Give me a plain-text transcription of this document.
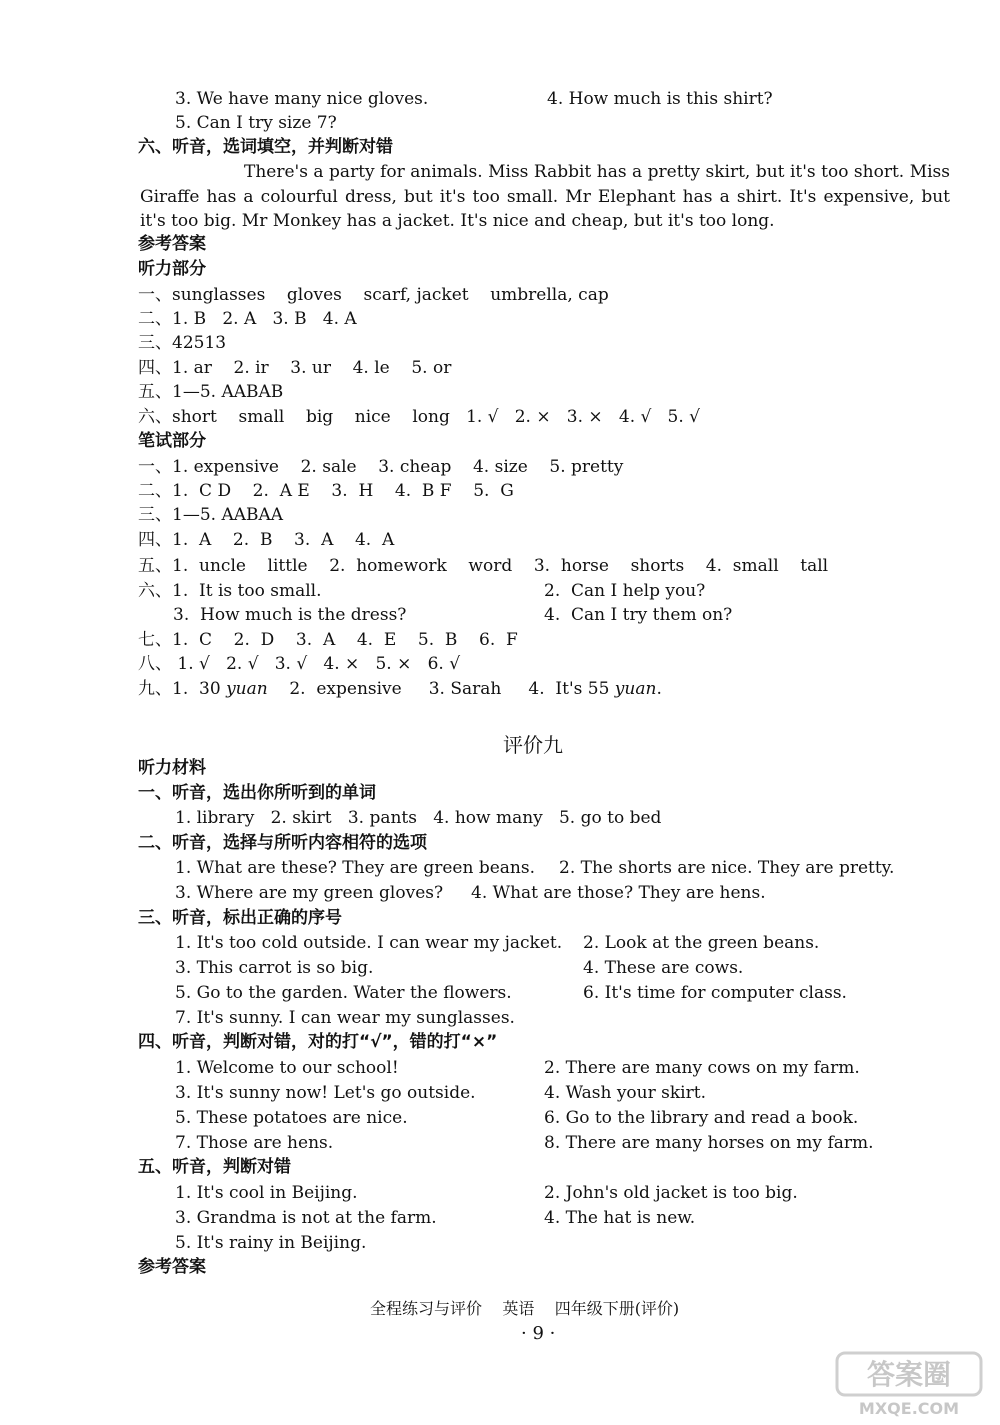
3. We have many nice gloves.	4. How much is this shirt?
5. Can I try size 7?
六、听音，选词填空，并判断对错
There's a party for animals. Miss Rabbit has a pretty skirt, but it's too short. Miss Giraffe has a colourful dress, but it's too small. Mr Elephant has a shirt. It's expensive, but it's too big. Mr Monkey has a jacket. It's nice and cheap, but it's too long.
参考答案
听力部分
一、sunglasses    gloves    scarf, jacket    umbrella, cap
二、1. B   2. A   3. B   4. A
三、42513
四、1. ar    2. ir    3. ur    4. le    5. or
五、1—5. AABAB
六、short    small    big    nice    long   1. √   2. ×   3. ×   4. √   5. √
笔试部分
一、1. expensive    2. sale    3. cheap    4. size    5. pretty
二、1.  C D    2.  A E    3.  H    4.  B F    5.  G
三、1—5. AABAA
四、1.  A    2.  B    3.  A    4.  A
五、1.  uncle    little    2.  homework    word    3.  horse    shorts    4.  small    tall
六、1.  It is too small.	2.  Can I help you?
3.  How much is the dress?	4.  Can I try them on?
七、1.  C    2.  D    3.  A    4.  E    5.  B    6.  F
八、 1. √   2. √   3. √   4. ×   5. ×   6. √
九、1.  30 yuan    2.  expensive     3. Sarah     4.  It's 55 yuan.
评价九
听力材料
一、听音，选出你所听到的单词
1. library   2. skirt   3. pants   4. how many   5. go to bed
二、听音，选择与所听内容相符的选项
1. What are these? They are green beans. 2. The shorts are nice. They are pretty.
3. Where are my green gloves? 4. What are those? They are hens.
三、听音，标出正确的序号
1. It's too cold outside. I can wear my jacket. 2. Look at the green beans.
3. This carrot is so big.	4. These are cows.
5. Go to the garden. Water the flowers.	6. It's time for computer class.
7. It's sunny. I can wear my sunglasses.
四、听音，判断对错，对的打“√”，错的打“×”
1. Welcome to our school!	2. There are many cows on my farm.
3. It's sunny now! Let's go outside.	4. Wash your skirt.
5. These potatoes are nice.	6. Go to the library and read a book.
7. Those are hens.	8. There are many horses on my farm.
五、听音，判断对错
1. It's cool in Beijing.	2. John's old jacket is too big.
3. Grandma is not at the farm.	4. The hat is new.
5. It's rainy in Beijing.
参考答案
全程练习与评价    英语    四年级下册(评价)
· 9 ·
答案圈
MXQE.COM
